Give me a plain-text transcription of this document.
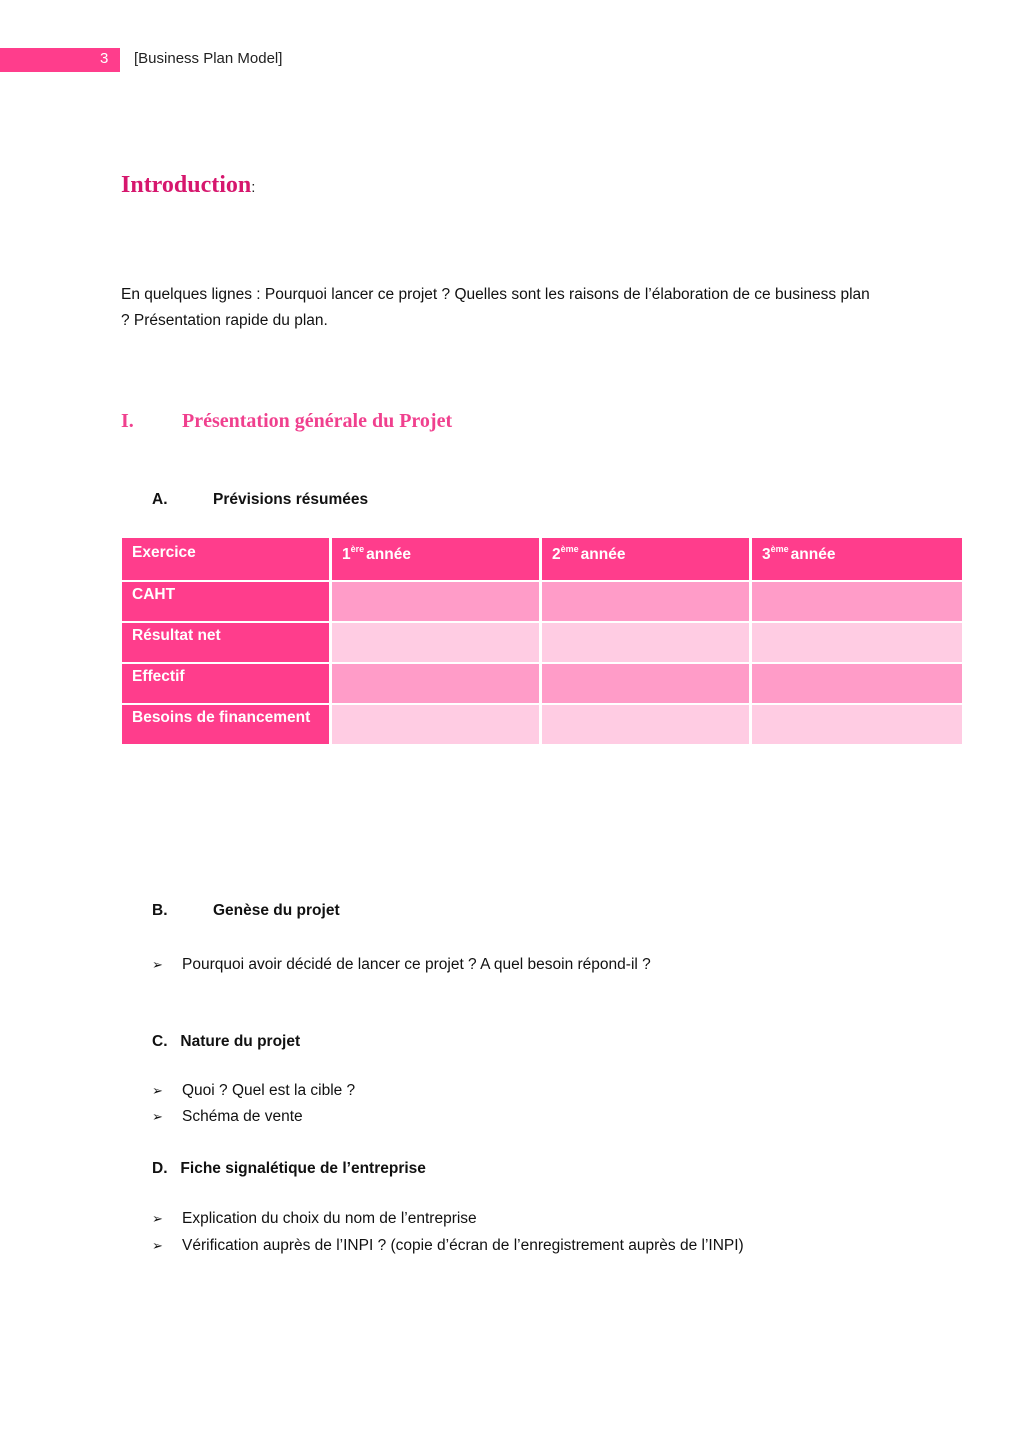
3 [Business Plan Model]
Introduction:

En quelques lignes : Pourquoi lancer ce projet ? Quelles sont les raisons de l’élaboration de ce business plan ? Présentation rapide du plan.

I. Présentation générale du Projet
A.	Prévisions résumées
Exercice	1ère année	2ème année	3ème année
CAHT
Résultat net
Effectif
Besoins de financement
B.	Genèse du projet
➢ Pourquoi avoir décidé de lancer ce projet ? A quel besoin répond-il ?
C.   Nature du projet
➢ Quoi ? Quel est la cible ?
➢ Schéma de vente
D.   Fiche signalétique de l’entreprise
➢ Explication du choix du nom de l’entreprise
➢ Vérification auprès de l’INPI ? (copie d’écran de l’enregistrement auprès de l’INPI)
